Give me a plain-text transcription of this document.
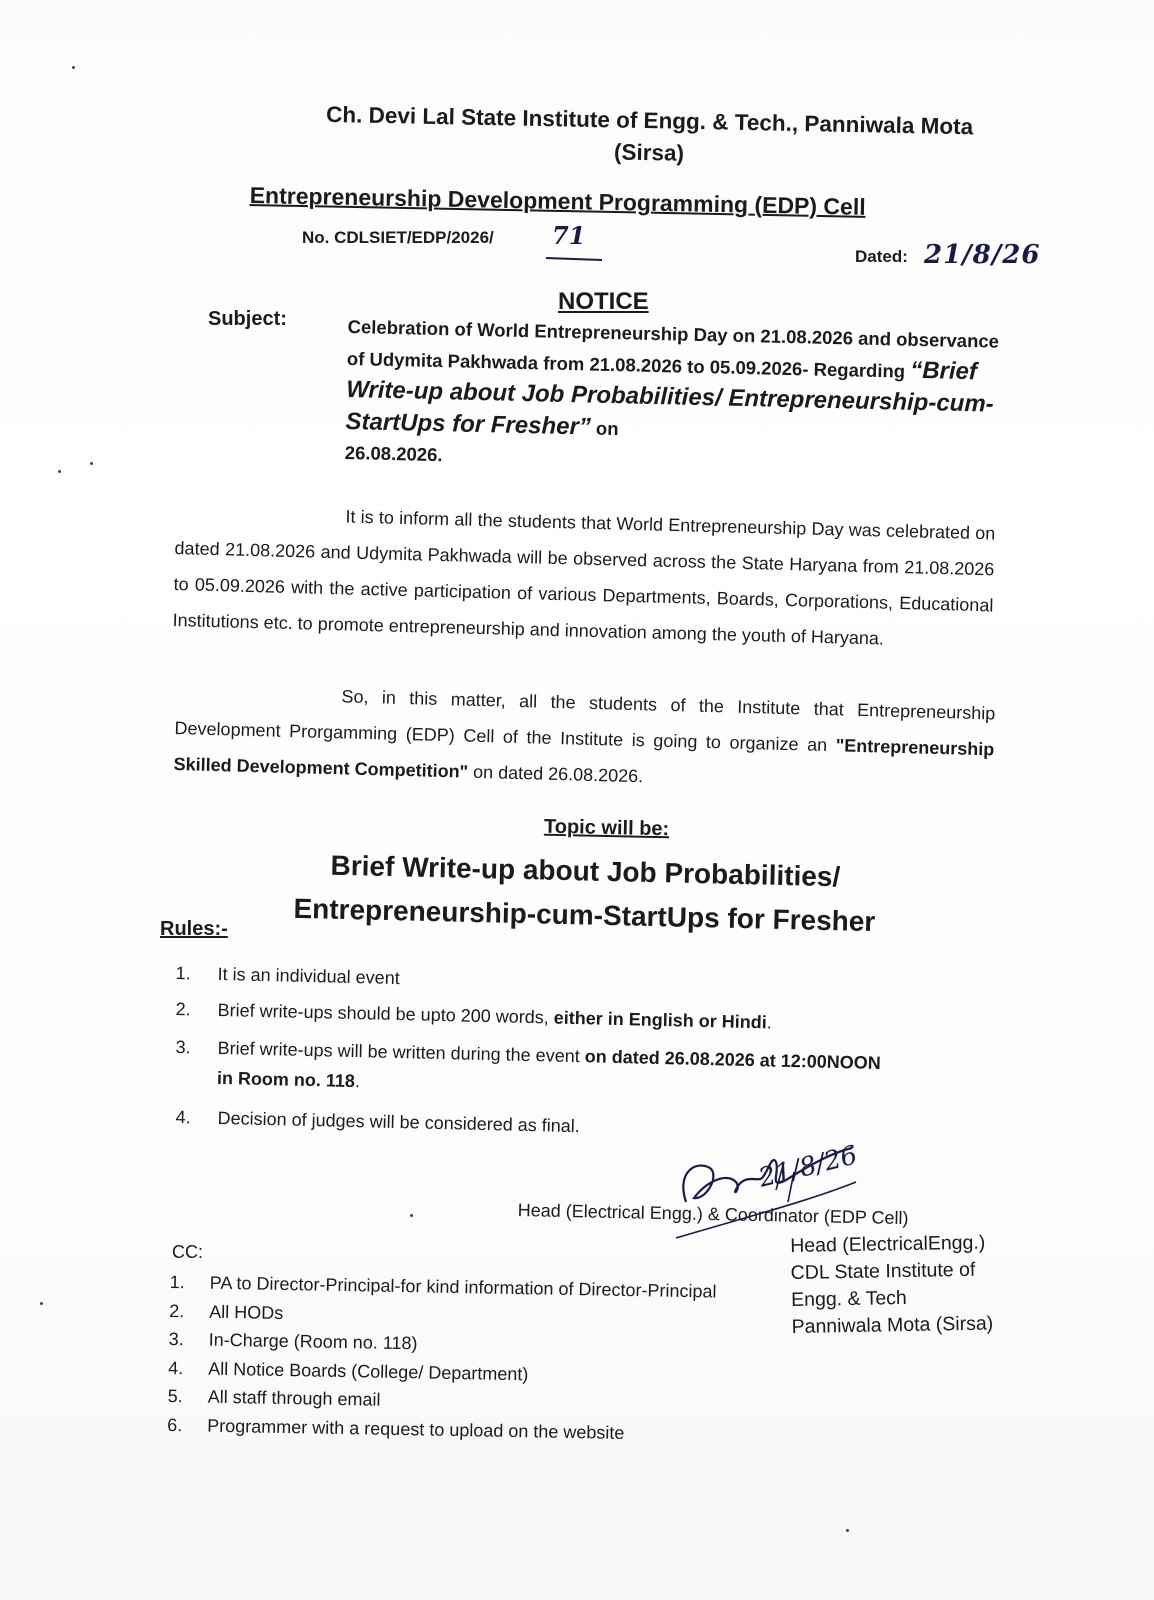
Ch. Devi Lal State Institute of Engg. & Tech., Panniwala Mota
(Sirsa)
Entrepreneurship Development Programming (EDP) Cell
No. CDLSIET/EDP/2026/ 71
Dated: 21/8/26
NOTICE
Subject:	Celebration of World Entrepreneurship Day on 21.08.2026 and observance of Udymita Pakhwada from 21.08.2026 to 05.09.2026- Regarding “Brief Write-up about Job Probabilities/ Entrepreneurship-cum-StartUps for Fresher” on
26.08.2026.
It is to inform all the students that World Entrepreneurship Day was celebrated on dated 21.08.2026 and Udymita Pakhwada will be observed across the State Haryana from 21.08.2026 to 05.09.2026 with the active participation of various Departments, Boards, Corporations, Educational Institutions etc. to promote entrepreneurship and innovation among the youth of Haryana.
So, in this matter, all the students of the Institute that Entrepreneurship Development Prorgamming (EDP) Cell of the Institute is going to organize an "Entrepreneurship Skilled Development Competition" on dated 26.08.2026.
Topic will be:
Brief Write-up about Job Probabilities/
Entrepreneurship-cum-StartUps for Fresher
Rules:-
1. It is an individual event
2. Brief write-ups should be upto 200 words, either in English or Hindi.
3. Brief write-ups will be written during the event on dated 26.08.2026 at 12:00NOON
in Room no. 118.
4. Decision of judges will be considered as final.
21/8/26
Head (Electrical Engg.) & Coordinator (EDP Cell)
Head (ElectricalEngg.)
CDL State Institute of
Engg. & Tech
Panniwala Mota (Sirsa)
CC:
1. PA to Director-Principal-for kind information of Director-Principal
2. All HODs
3. In-Charge (Room no. 118)
4. All Notice Boards (College/ Department)
5. All staff through email
6. Programmer with a request to upload on the website
